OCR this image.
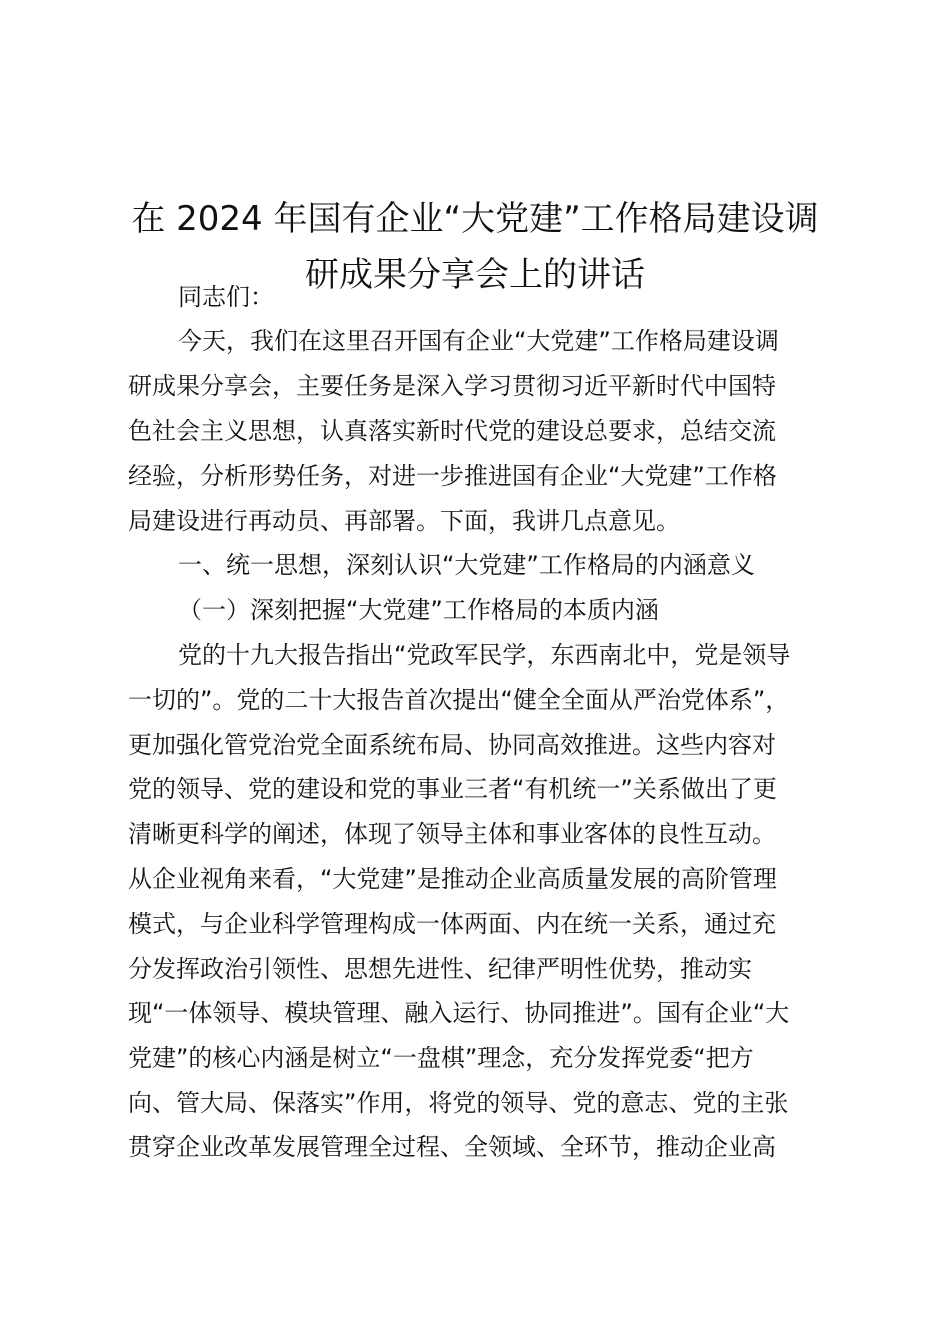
在 2024 年国有企业“大党建”工作格局建设调
研成果分享会上的讲话
同志们：
今天，我们在这里召开国有企业“大党建”工作格局建设调
研成果分享会，主要任务是深入学习贯彻习近平新时代中国特
色社会主义思想，认真落实新时代党的建设总要求，总结交流
经验，分析形势任务，对进一步推进国有企业“大党建”工作格
局建设进行再动员、再部署。下面，我讲几点意见。
一、统一思想，深刻认识“大党建”工作格局的内涵意义
（一）深刻把握“大党建”工作格局的本质内涵
党的十九大报告指出“党政军民学，东西南北中，党是领导
一切的”。党的二十大报告首次提出“健全全面从严治党体系”，
更加强化管党治党全面系统布局、协同高效推进。这些内容对
党的领导、党的建设和党的事业三者“有机统一”关系做出了更
清晰更科学的阐述，体现了领导主体和事业客体的良性互动。
从企业视角来看，“大党建”是推动企业高质量发展的高阶管理
模式，与企业科学管理构成一体两面、内在统一关系，通过充
分发挥政治引领性、思想先进性、纪律严明性优势，推动实
现“一体领导、模块管理、融入运行、协同推进”。国有企业“大
党建”的核心内涵是树立“一盘棋”理念，充分发挥党委“把方
向、管大局、保落实”作用，将党的领导、党的意志、党的主张
贯穿企业改革发展管理全过程、全领域、全环节，推动企业高
